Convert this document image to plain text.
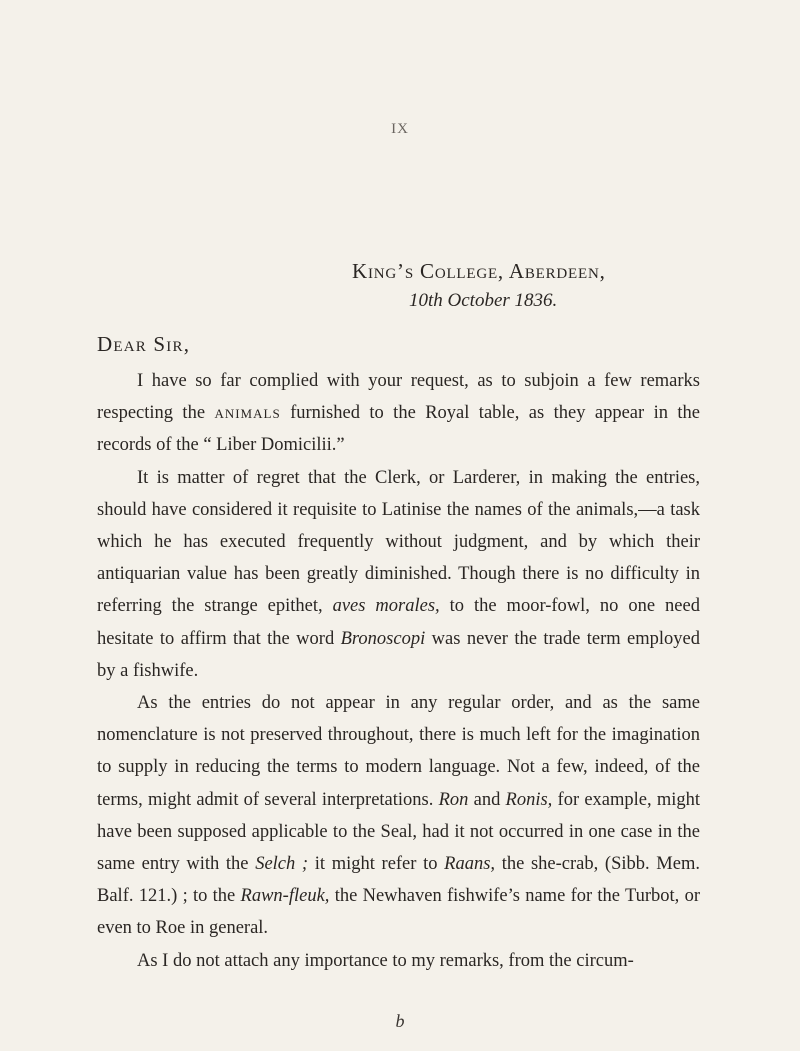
IX
King’s College, Aberdeen,
10th October 1836.
Dear Sir,

I have so far complied with your request, as to subjoin a few remarks respecting the animals furnished to the Royal table, as they appear in the records of the “ Liber Domicilii.”

It is matter of regret that the Clerk, or Larderer, in making the entries, should have considered it requisite to Latinise the names of the animals,—a task which he has executed frequently without judgment, and by which their antiquarian value has been greatly diminished. Though there is no difficulty in referring the strange epithet, aves morales, to the moor-fowl, no one need hesitate to affirm that the word Bronoscopi was never the trade term employed by a fishwife.

As the entries do not appear in any regular order, and as the same nomenclature is not preserved throughout, there is much left for the imagination to supply in reducing the terms to modern language. Not a few, indeed, of the terms, might admit of several interpretations. Ron and Ronis, for example, might have been supposed applicable to the Seal, had it not occurred in one case in the same entry with the Selch ; it might refer to Raans, the she-crab, (Sibb. Mem. Balf. 121.) ; to the Rawn-fleuk, the Newhaven fishwife’s name for the Turbot, or even to Roe in general.

As I do not attach any importance to my remarks, from the circum-

b
